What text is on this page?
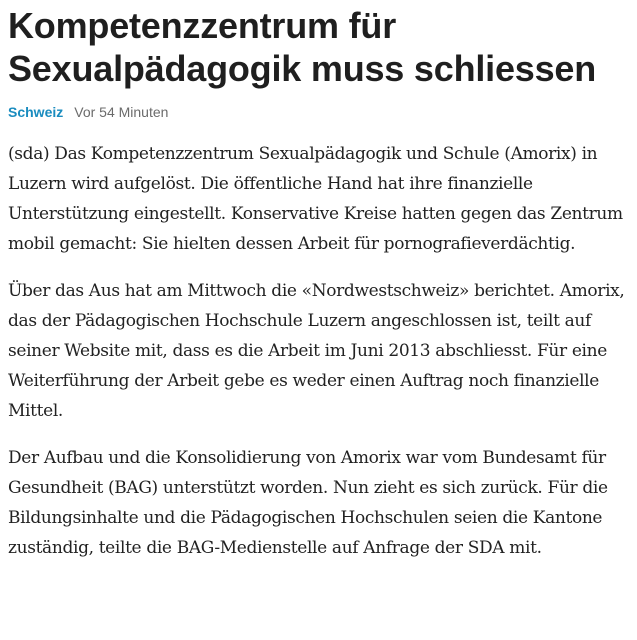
Kompetenzzentrum für Sexualpädagogik muss schliessen
Schweiz Vor 54 Minuten

(sda) Das Kompetenzzentrum Sexualpädagogik und Schule (Amorix) in Luzern wird aufgelöst. Die öffentliche Hand hat ihre finanzielle Unterstützung eingestellt. Konservative Kreise hatten gegen das Zentrum mobil gemacht: Sie hielten dessen Arbeit für pornografieverdächtig.

Über das Aus hat am Mittwoch die «Nordwestschweiz» berichtet. Amorix, das der Pädagogischen Hochschule Luzern angeschlossen ist, teilt auf seiner Website mit, dass es die Arbeit im Juni 2013 abschliesst. Für eine Weiterführung der Arbeit gebe es weder einen Auftrag noch finanzielle Mittel.

Der Aufbau und die Konsolidierung von Amorix war vom Bundesamt für Gesundheit (BAG) unterstützt worden. Nun zieht es sich zurück. Für die Bildungsinhalte und die Pädagogischen Hochschulen seien die Kantone zuständig, teilte die BAG-Medienstelle auf Anfrage der SDA mit.
